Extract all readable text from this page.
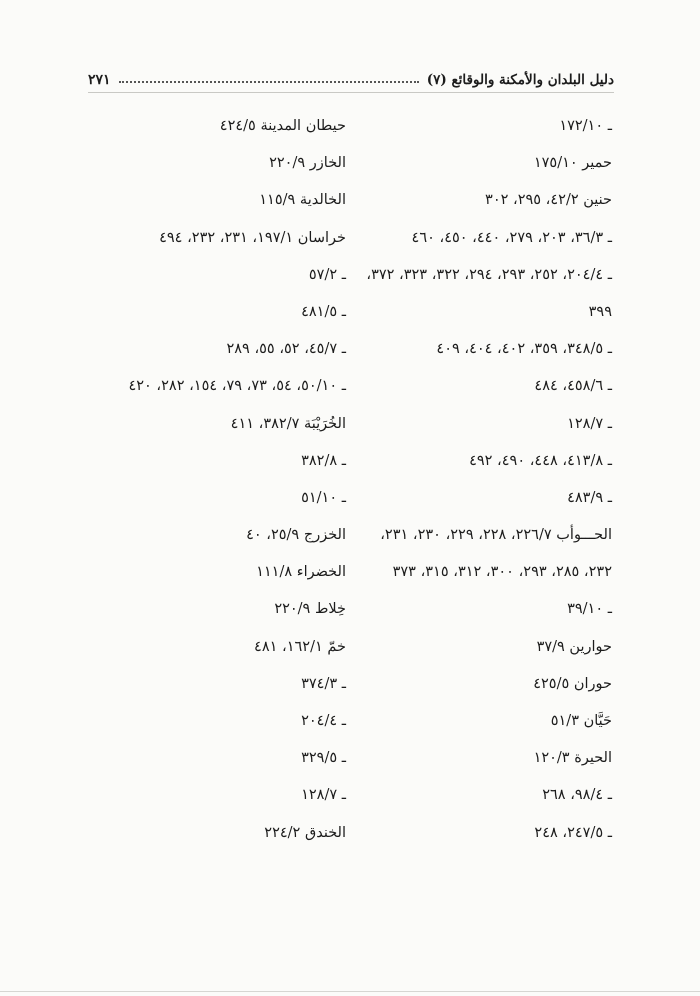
دليل البلدان والأمكنة والوقائع (٧)
٢٧١
ـ ١٧٢/١٠
حمير ١٧٥/١٠
حنين ٤٢/٢، ٢٩٥، ٣٠٢
ـ ٣٦/٣، ٢٠٣، ٢٧٩، ٤٤٠، ٤٥٠، ٤٦٠
ـ ٢٠٤/٤، ٢٥٢، ٢٩٣، ٢٩٤، ٣٢٢، ٣٢٣، ٣٧٢،
٣٩٩
ـ ٣٤٨/٥، ٣٥٩، ٤٠٢، ٤٠٤، ٤٠٩
ـ ٤٥٨/٦، ٤٨٤
ـ ١٢٨/٧
ـ ٤١٣/٨، ٤٤٨، ٤٩٠، ٤٩٢
ـ ٤٨٣/٩
الحـــوأب ٢٢٦/٧، ٢٢٨، ٢٢٩، ٢٣٠، ٢٣١،
٢٣٢، ٢٨٥، ٢٩٣، ٣٠٠، ٣١٢، ٣١٥، ٣٧٣
ـ ٣٩/١٠
حوارين ٣٧/٩
حوران ٤٢٥/٥
حَيَّان ٥١/٣
الحيرة ١٢٠/٣
ـ ٩٨/٤، ٢٦٨
ـ ٢٤٧/٥، ٢٤٨
حيطان المدينة ٤٢٤/٥
الخازر ٢٢٠/٩
الخالدية ١١٥/٩
خراسان ١٩٧/١، ٢٣١، ٢٣٢، ٤٩٤
ـ ٥٧/٢
ـ ٤٨١/٥
ـ ٤٥/٧، ٥٢، ٥٥، ٢٨٩
ـ ٥٠/١٠، ٥٤، ٧٣، ٧٩، ١٥٤، ٢٨٢، ٤٢٠
الخُرَيْبَة ٣٨٢/٧، ٤١١
ـ ٣٨٢/٨
ـ ٥١/١٠
الخزرج ٢٥/٩، ٤٠
الخضراء ١١١/٨
خِلاط ٢٢٠/٩
خمّ ١٦٢/١، ٤٨١
ـ ٣٧٤/٣
ـ ٢٠٤/٤
ـ ٣٢٩/٥
ـ ١٢٨/٧
الخندق ٢٢٤/٢
